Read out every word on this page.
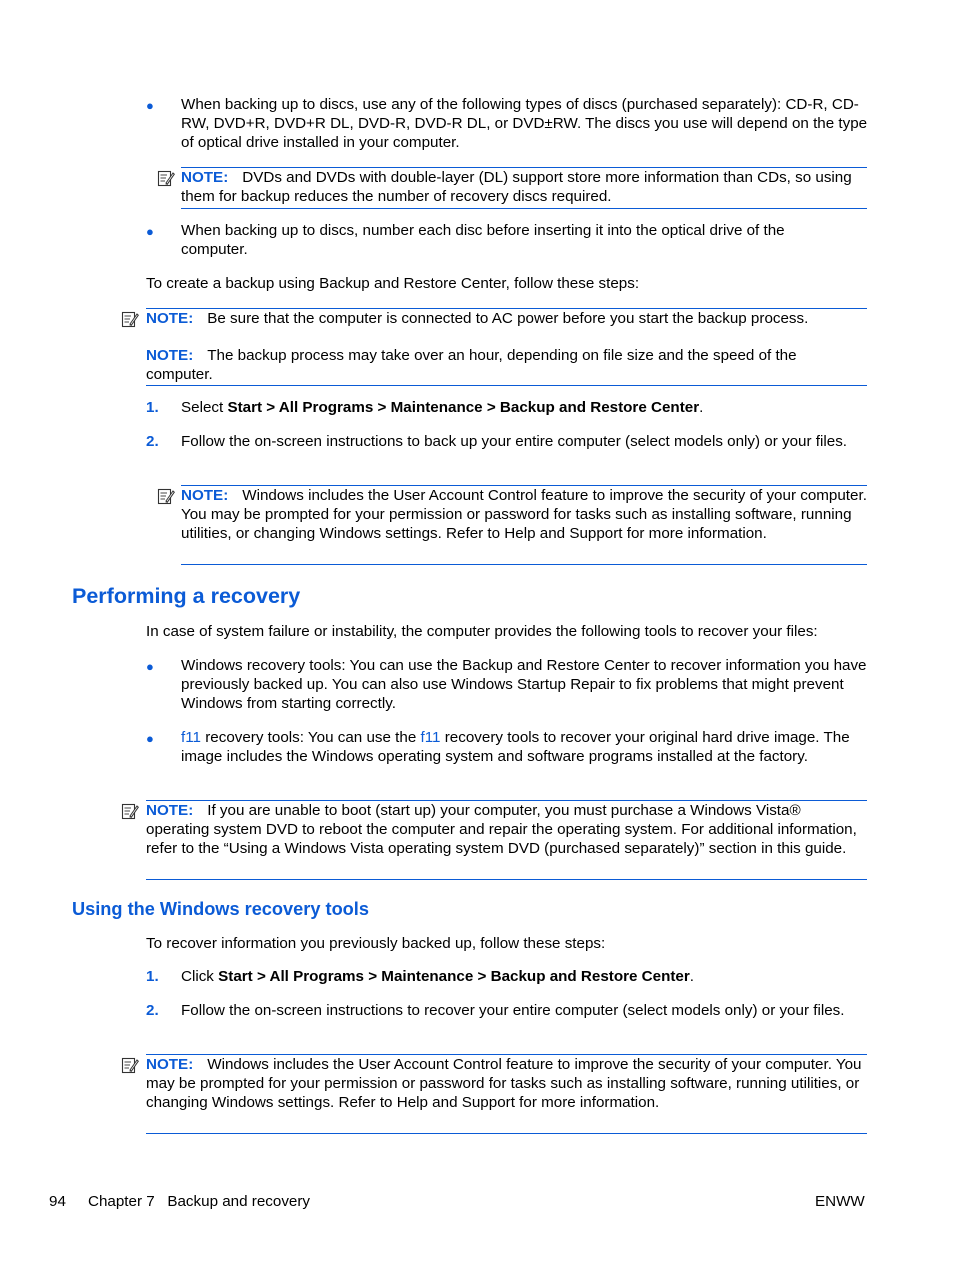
● When backing up to discs, use any of the following types of discs (purchased separately): CD-R, CD-RW, DVD+R, DVD+R DL, DVD-R, DVD-R DL, or DVD±RW. The discs you use will depend on the type of optical drive installed in your computer.
NOTE: DVDs and DVDs with double-layer (DL) support store more information than CDs, so using them for backup reduces the number of recovery discs required.
● When backing up to discs, number each disc before inserting it into the optical drive of the computer.
To create a backup using Backup and Restore Center, follow these steps:
NOTE: Be sure that the computer is connected to AC power before you start the backup process.
NOTE: The backup process may take over an hour, depending on file size and the speed of the computer.
1. Select Start > All Programs > Maintenance > Backup and Restore Center.
2. Follow the on-screen instructions to back up your entire computer (select models only) or your files.
NOTE: Windows includes the User Account Control feature to improve the security of your computer. You may be prompted for your permission or password for tasks such as installing software, running utilities, or changing Windows settings. Refer to Help and Support for more information.
Performing a recovery
In case of system failure or instability, the computer provides the following tools to recover your files:
● Windows recovery tools: You can use the Backup and Restore Center to recover information you have previously backed up. You can also use Windows Startup Repair to fix problems that might prevent Windows from starting correctly.
● f11 recovery tools: You can use the f11 recovery tools to recover your original hard drive image. The image includes the Windows operating system and software programs installed at the factory.
NOTE: If you are unable to boot (start up) your computer, you must purchase a Windows Vista® operating system DVD to reboot the computer and repair the operating system. For additional information, refer to the “Using a Windows Vista operating system DVD (purchased separately)” section in this guide.
Using the Windows recovery tools
To recover information you previously backed up, follow these steps:
1. Click Start > All Programs > Maintenance > Backup and Restore Center.
2. Follow the on-screen instructions to recover your entire computer (select models only) or your files.
NOTE: Windows includes the User Account Control feature to improve the security of your computer. You may be prompted for your permission or password for tasks such as installing software, running utilities, or changing Windows settings. Refer to Help and Support for more information.
94 Chapter 7   Backup and recovery	ENWW
